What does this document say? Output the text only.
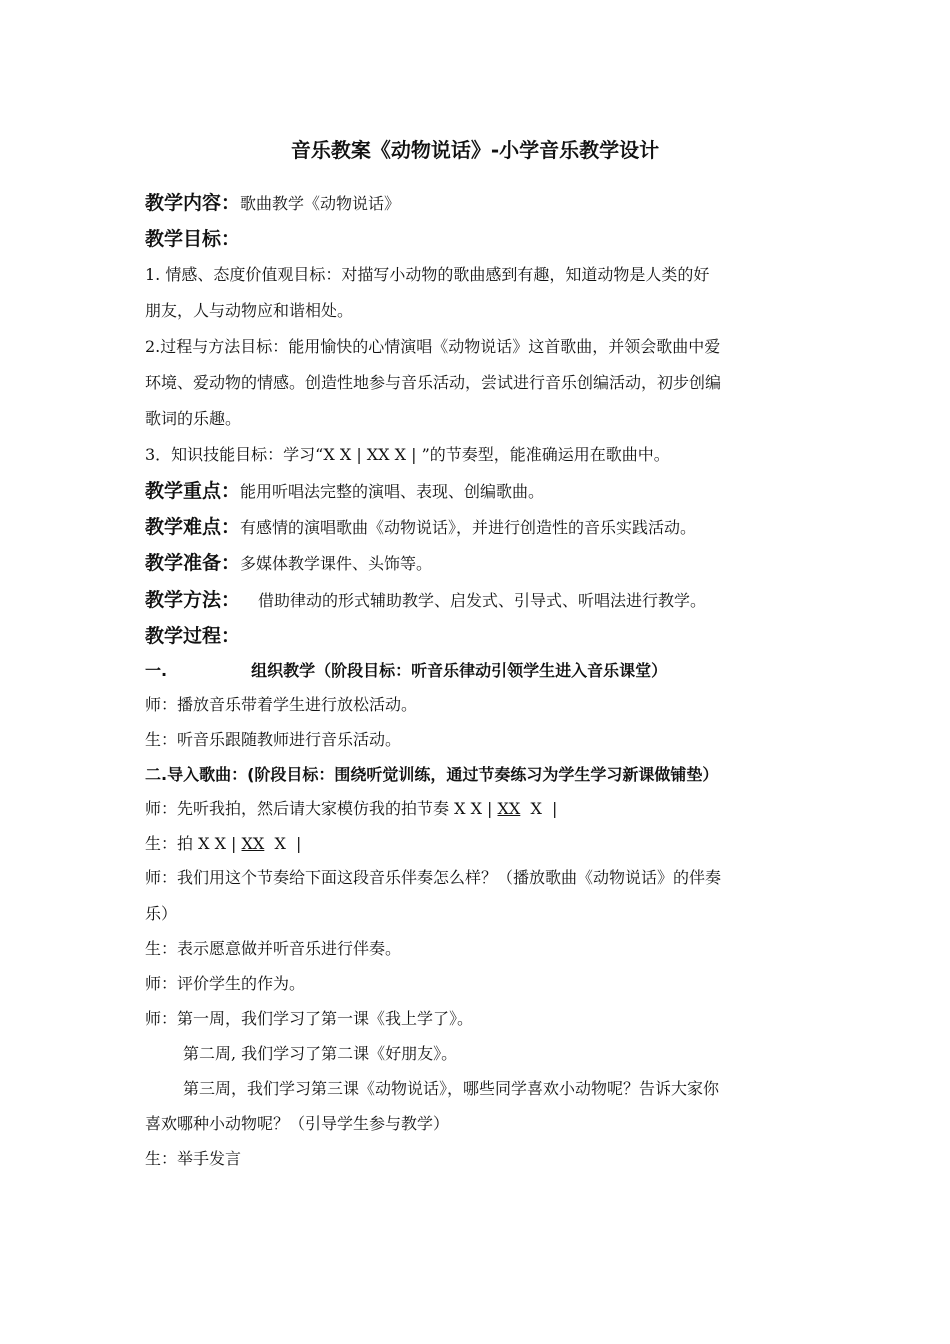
音乐教案《动物说话》-小学音乐教学设计
教学内容：歌曲教学《动物说话》
教学目标：
1. 情感、态度价值观目标：对描写小动物的歌曲感到有趣，知道动物是人类的好
朋友，人与动物应和谐相处。
2.过程与方法目标：能用愉快的心情演唱《动物说话》这首歌曲，并领会歌曲中爱
环境、爱动物的情感。创造性地参与音乐活动，尝试进行音乐创编活动，初步创编
歌词的乐趣。
3．知识技能目标：学习“X X | XX X | ”的节奏型，能准确运用在歌曲中。
教学重点：能用听唱法完整的演唱、表现、创编歌曲。
教学难点：有感情的演唱歌曲《动物说话》，并进行创造性的音乐实践活动。
教学准备：多媒体教学课件、头饰等。
教学方法： 借助律动的形式辅助教学、启发式、引导式、听唱法进行教学。
教学过程：
一.	组织教学（阶段目标：听音乐律动引领学生进入音乐课堂）
师：播放音乐带着学生进行放松活动。
生：听音乐跟随教师进行音乐活动。
二.导入歌曲：(阶段目标：围绕听觉训练，通过节奏练习为学生学习新课做铺垫）
师：先听我拍，然后请大家模仿我的拍节奏 X X | XX  X  |
生：拍 X X | XX  X  |
师：我们用这个节奏给下面这段音乐伴奏怎么样？（播放歌曲《动物说话》的伴奏
乐）
生：表示愿意做并听音乐进行伴奏。
师：评价学生的作为。
师：第一周，我们学习了第一课《我上学了》。
第二周, 我们学习了第二课《好朋友》。
第三周，我们学习第三课《动物说话》，哪些同学喜欢小动物呢？告诉大家你
喜欢哪种小动物呢？（引导学生参与教学）
生：举手发言
